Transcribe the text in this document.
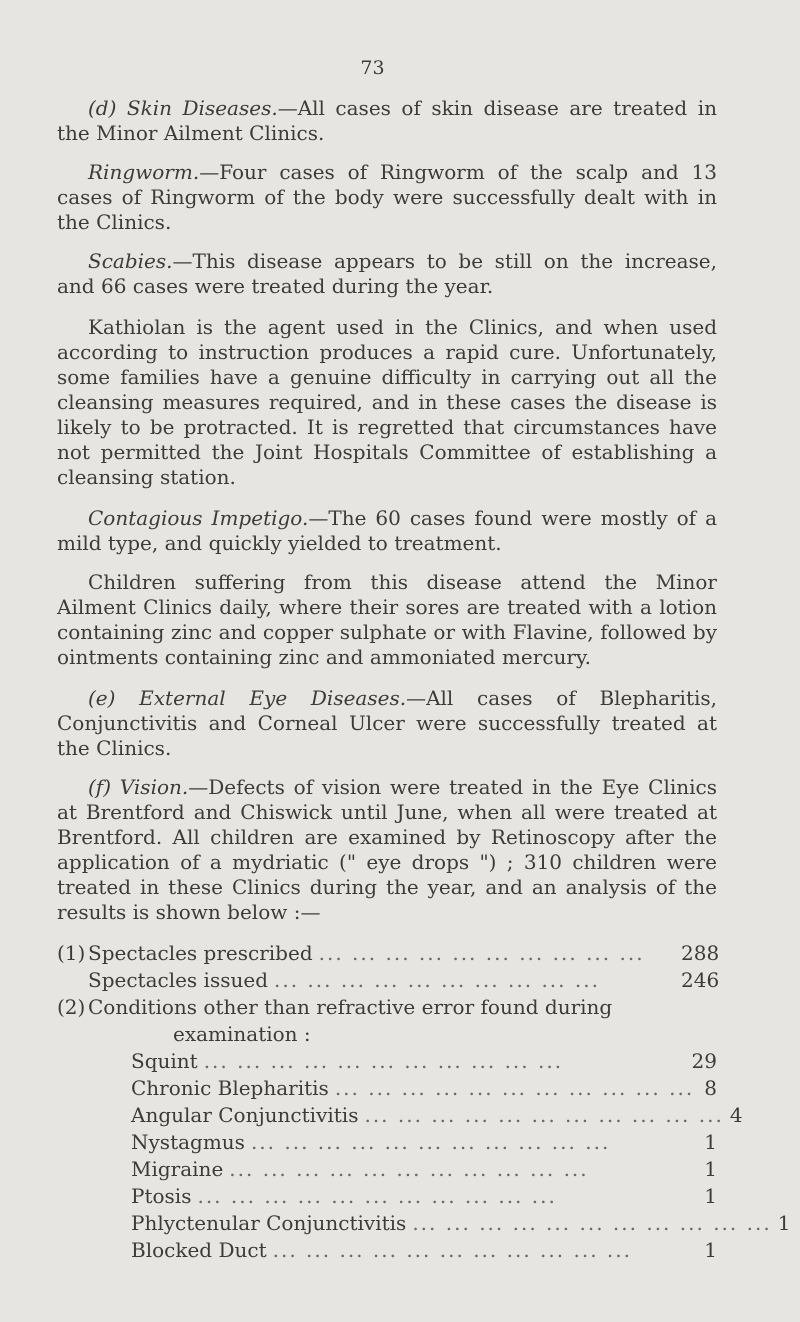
73

(d) Skin Diseases.—All cases of skin disease are treated in the Minor Ailment Clinics.

Ringworm.—Four cases of Ringworm of the scalp and 13 cases of Ringworm of the body were successfully dealt with in the Clinics.

Scabies.—This disease appears to be still on the increase, and 66 cases were treated during the year.

Kathiolan is the agent used in the Clinics, and when used according to instruction produces a rapid cure. Unfortunately, some families have a genuine difficulty in carrying out all the cleansing measures required, and in these cases the disease is likely to be protracted. It is regretted that circumstances have not permitted the Joint Hospitals Committee of establishing a cleansing station.

Contagious Impetigo.—The 60 cases found were mostly of a mild type, and quickly yielded to treatment.

Children suffering from this disease attend the Minor Ailment Clinics daily, where their sores are treated with a lotion containing zinc and copper sulphate or with Flavine, followed by ointments containing zinc and ammoniated mercury.

(e) External Eye Diseases.—All cases of Blepharitis, Conjunctivitis and Corneal Ulcer were successfully treated at the Clinics.

(f) Vision.—Defects of vision were treated in the Eye Clinics at Brentford and Chiswick until June, when all were treated at Brentford. All children are examined by Retinoscopy after the application of a mydriatic (" eye drops ") ; 310 children were treated in these Clinics during the year, and an analysis of the results is shown below :—

(1) Spectacles prescribed ... ... ... ... ... ... ... ... ... ...	288
Spectacles issued ... ... ... ... ... ... ... ... ... ...	246
(2) Conditions other than refractive error found during
examination :
Squint ... ... ... ... ... ... ... ... ... ... ...	29
Chronic Blepharitis ... ... ... ... ... ... ... ... ... ... ... 8
Angular Conjunctivitis ... ... ... ... ... ... ... ... ... ... ... 4
Nystagmus ... ... ... ... ... ... ... ... ... ... ...	1
Migraine ... ... ... ... ... ... ... ... ... ... ...	1
Ptosis ... ... ... ... ... ... ... ... ... ... ...	1
Phlyctenular Conjunctivitis ... ... ... ... ... ... ... ... ... ... ... 1
Blocked Duct ... ... ... ... ... ... ... ... ... ... ...	1
